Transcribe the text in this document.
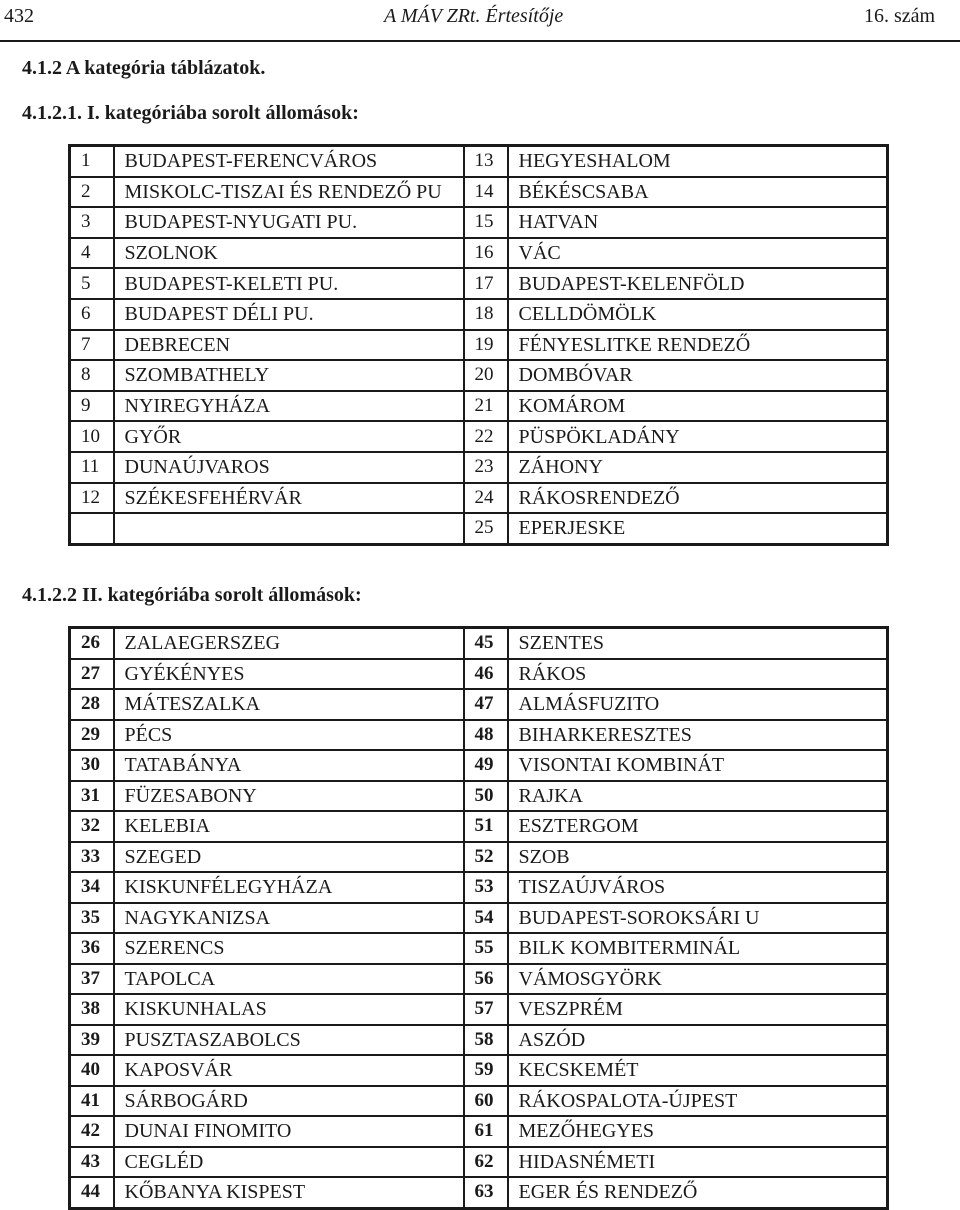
432	A MÁV ZRt. Értesítője	16. szám
4.1.2 A kategória táblázatok.
4.1.2.1. I. kategóriába sorolt állomások:
1	BUDAPEST-FERENCVÁROS	13	HEGYESHALOM
2	MISKOLC-TISZAI ÉS RENDEZŐ PU	14	BÉKÉSCSABA
3	BUDAPEST-NYUGATI PU.	15	HATVAN
4	SZOLNOK	16	VÁC
5	BUDAPEST-KELETI PU.	17	BUDAPEST-KELENFÖLD
6	BUDAPEST DÉLI PU.	18	CELLDÖMÖLK
7	DEBRECEN	19	FÉNYESLITKE RENDEZŐ
8	SZOMBATHELY	20	DOMBÓVAR
9	NYIREGYHÁZA	21	KOMÁROM
10	GYŐR	22	PÜSPÖKLADÁNY
11	DUNAÚJVAROS	23	ZÁHONY
12	SZÉKESFEHÉRVÁR	24	RÁKOSRENDEZŐ
		25	EPERJESKE
4.1.2.2 II. kategóriába sorolt állomások:
26	ZALAEGERSZEG	45	SZENTES
27	GYÉKÉNYES	46	RÁKOS
28	MÁTESZALKA	47	ALMÁSFUZITO
29	PÉCS	48	BIHARKERESZTES
30	TATABÁNYA	49	VISONTAI KOMBINÁT
31	FÜZESABONY	50	RAJKA
32	KELEBIA	51	ESZTERGOM
33	SZEGED	52	SZOB
34	KISKUNFÉLEGYHÁZA	53	TISZAÚJVÁROS
35	NAGYKANIZSA	54	BUDAPEST-SOROKSÁRI U
36	SZERENCS	55	BILK KOMBITERMINÁL
37	TAPOLCA	56	VÁMOSGYÖRK
38	KISKUNHALAS	57	VESZPRÉM
39	PUSZTASZABOLCS	58	ASZÓD
40	KAPOSVÁR	59	KECSKEMÉT
41	SÁRBOGÁRD	60	RÁKOSPALOTA-ÚJPEST
42	DUNAI FINOMITO	61	MEZŐHEGYES
43	CEGLÉD	62	HIDASNÉMETI
44	KŐBANYA KISPEST	63	EGER ÉS RENDEZŐ
